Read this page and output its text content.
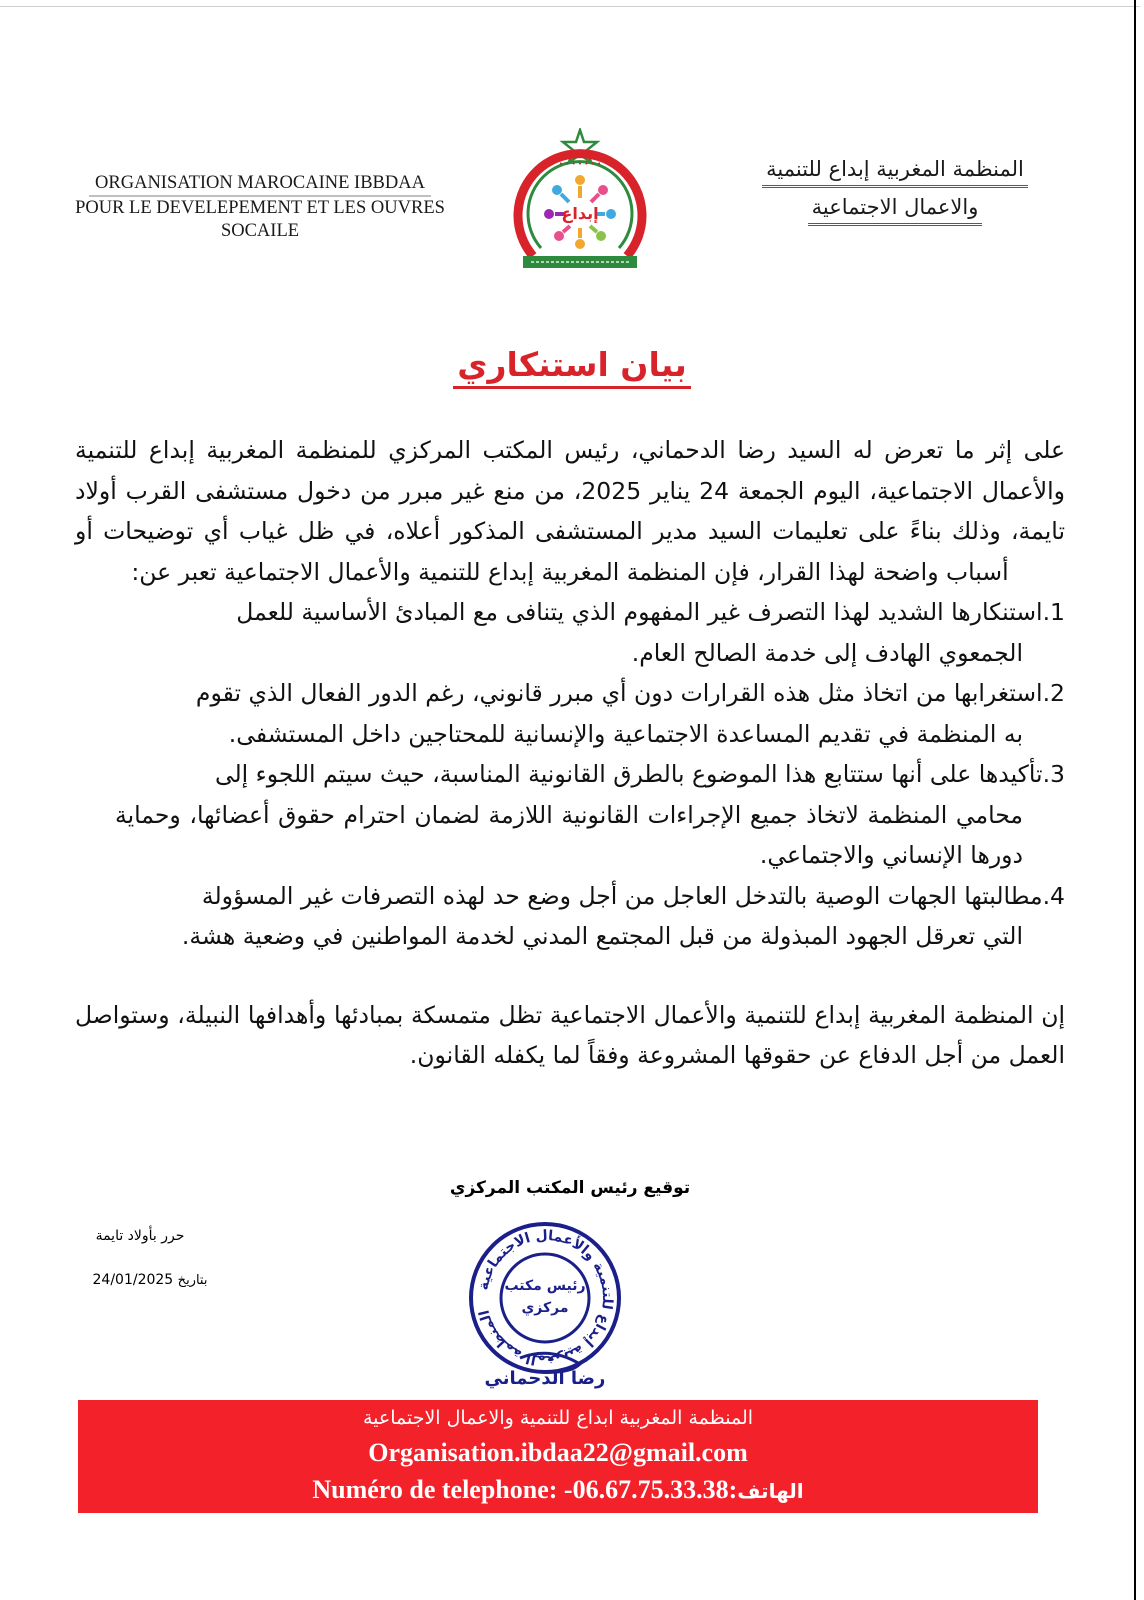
ORGANISATION MAROCAINE IBBDAA
POUR LE DEVELEPEMENT ET LES OUVRES
SOCAILE
• • • • • • •
إبداع
المنظمة المغربية إبداع للتنمية
والاعمال الاجتماعية
بيان استنكاري

على إثر ما تعرض له السيد رضا الدحماني، رئيس المكتب المركزي للمنظمة المغربية إبداع للتنمية والأعمال الاجتماعية، اليوم الجمعة 24 يناير 2025، من منع غير مبرر من دخول مستشفى القرب أولاد تايمة، وذلك بناءً على تعليمات السيد مدير المستشفى المذكور أعلاه، في ظل غياب أي توضيحات أو أسباب واضحة لهذا القرار، فإن المنظمة المغربية إبداع للتنمية والأعمال الاجتماعية تعبر عن:

1.استنكارها الشديد لهذا التصرف غير المفهوم الذي يتنافى مع المبادئ الأساسية للعمل
الجمعوي الهادف إلى خدمة الصالح العام.
2.استغرابها من اتخاذ مثل هذه القرارات دون أي مبرر قانوني، رغم الدور الفعال الذي تقوم
به المنظمة في تقديم المساعدة الاجتماعية والإنسانية للمحتاجين داخل المستشفى.
3.تأكيدها على أنها ستتابع هذا الموضوع بالطرق القانونية المناسبة، حيث سيتم اللجوء إلى
محامي المنظمة لاتخاذ جميع الإجراءات القانونية اللازمة لضمان احترام حقوق أعضائها، وحماية دورها الإنساني والاجتماعي.
4.مطالبتها الجهات الوصية بالتدخل العاجل من أجل وضع حد لهذه التصرفات غير المسؤولة
التي تعرقل الجهود المبذولة من قبل المجتمع المدني لخدمة المواطنين في وضعية هشة.

إن المنظمة المغربية إبداع للتنمية والأعمال الاجتماعية تظل متمسكة بمبادئها وأهدافها النبيلة، وستواصل العمل من أجل الدفاع عن حقوقها المشروعة وفقاً لما يكفله القانون.

توقيع رئيس المكتب المركزي
حرر بأولاد تايمة
بتاريخ 24/01/2025	المنظمة المغربية إبداع للتنمية والأعمال الاجتماعية
رئيس مكتب
مركزي
رضا الدحماني
المنظمة المغربية ابداع للتنمية والاعمال الاجتماعية
Organisation.ibdaa22@gmail.com
Numéro de telephone: -06.67.75.33.38:الهاتف
